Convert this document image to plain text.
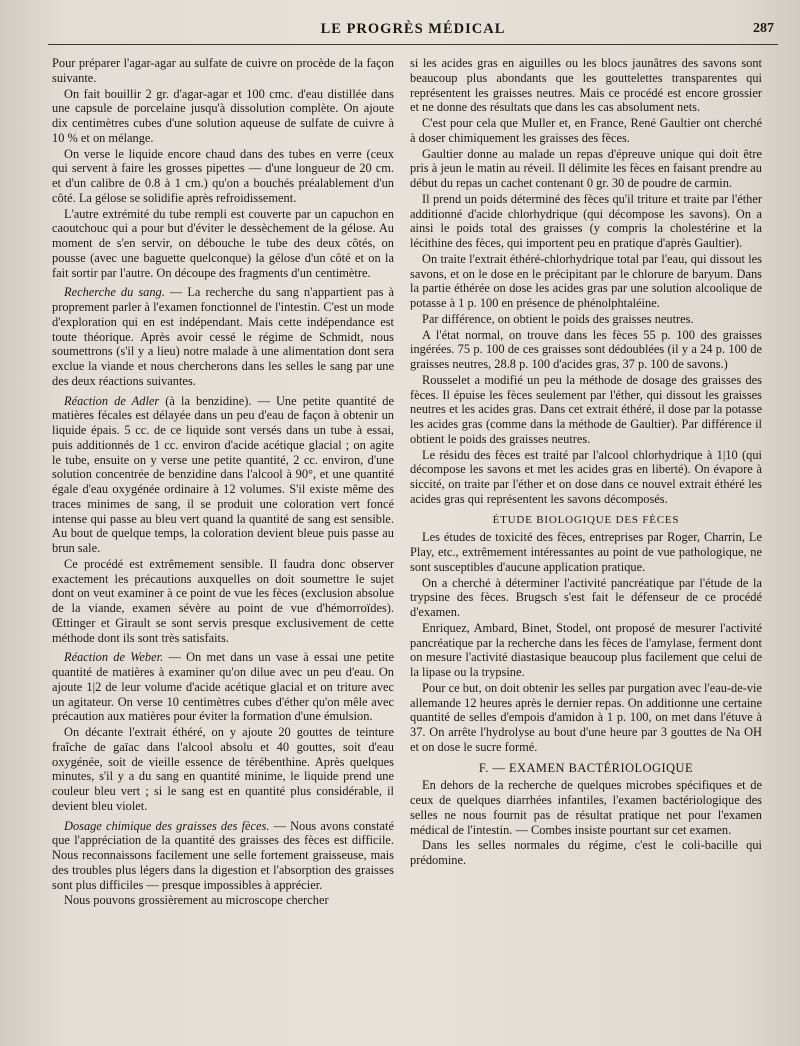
LE PROGRÈS MÉDICAL	287

Pour préparer l'agar-agar au sulfate de cuivre on procède de la façon suivante.

On fait bouillir 2 gr. d'agar-agar et 100 cmc. d'eau distillée dans une capsule de porcelaine jusqu'à dissolution complète. On ajoute dix centimètres cubes d'une solution aqueuse de sulfate de cuivre à 10 % et on mélange.

On verse le liquide encore chaud dans des tubes en verre (ceux qui servent à faire les grosses pipettes — d'une longueur de 20 cm. et d'un calibre de 0.8 à 1 cm.) qu'on a bouchés préalablement d'un côté. La gélose se solidifie après refroidissement.

L'autre extrémité du tube rempli est couverte par un capuchon en caoutchouc qui a pour but d'éviter le dessèchement de la gélose. Au moment de s'en servir, on débouche le tube des deux côtés, on pousse (avec une baguette quelconque) la gélose d'un côté et on la fait sortir par l'autre. On découpe des fragments d'un centimètre.

Recherche du sang. — La recherche du sang n'appartient pas à proprement parler à l'examen fonctionnel de l'intestin. C'est un mode d'exploration qui en est indépendant. Mais cette indépendance est toute théorique. Après avoir cessé le régime de Schmidt, nous soumettrons (s'il y a lieu) notre malade à une alimentation dont sera exclue la viande et nous chercherons dans les selles le sang par une des deux réactions suivantes.

Réaction de Adler (à la benzidine). — Une petite quantité de matières fécales est délayée dans un peu d'eau de façon à obtenir un liquide épais. 5 cc. de ce liquide sont versés dans un tube à essai, puis additionnés de 1 cc. environ d'acide acétique glacial ; on agite le tube, ensuite on y verse une petite quantité, 2 cc. environ, d'une solution concentrée de benzidine dans l'alcool à 90°, et une quantité égale d'eau oxygénée ordinaire à 12 volumes. S'il existe même des traces minimes de sang, il se produit une coloration vert foncé intense qui passe au bleu vert quand la quantité de sang est sensible. Au bout de quelque temps, la coloration devient bleue puis passe au brun sale.

Ce procédé est extrêmement sensible. Il faudra donc observer exactement les précautions auxquelles on doit soumettre le sujet dont on veut examiner à ce point de vue les fèces (exclusion absolue de la viande, examen sévère au point de vue d'hémorroïdes). Œttinger et Girault se sont servis presque exclusivement de cette méthode dont ils sont très satisfaits.

Réaction de Weber. — On met dans un vase à essai une petite quantité de matières à examiner qu'on dilue avec un peu d'eau. On ajoute 1|2 de leur volume d'acide acétique glacial et on triture avec un agitateur. On verse 10 centimètres cubes d'éther qu'on mêle avec précaution aux matières pour éviter la formation d'une émulsion.

On décante l'extrait éthéré, on y ajoute 20 gouttes de teinture fraîche de gaïac dans l'alcool absolu et 40 gouttes, soit d'eau oxygénée, soit de vieille essence de térébenthine. Après quelques minutes, s'il y a du sang en quantité minime, le liquide prend une couleur bleu vert ; si le sang est en quantité plus considérable, il devient bleu violet.

Dosage chimique des graisses des fèces. — Nous avons constaté que l'appréciation de la quantité des graisses des fèces est difficile. Nous reconnaissons facilement une selle fortement graisseuse, mais des troubles plus légers dans la digestion et l'absorption des graisses sont plus difficiles — presque impossibles à apprécier.

Nous pouvons grossièrement au microscope chercher

si les acides gras en aiguilles ou les blocs jaunâtres des savons sont beaucoup plus abondants que les gouttelettes transparentes qui représentent les graisses neutres. Mais ce procédé est encore grossier et ne donne des résultats que dans les cas absolument nets.

C'est pour cela que Muller et, en France, René Gaultier ont cherché à doser chimiquement les graisses des fèces.

Gaultier donne au malade un repas d'épreuve unique qui doit être pris à jeun le matin au réveil. Il délimite les fèces en faisant prendre au début du repas un cachet contenant 0 gr. 30 de poudre de carmin.

Il prend un poids déterminé des fèces qu'il triture et traite par l'éther additionné d'acide chlorhydrique (qui décompose les savons). On a ainsi le poids total des graisses (y compris la cholestérine et la lécithine des fèces, qui importent peu en pratique d'après Gaultier).

On traite l'extrait éthéré-chlorhydrique total par l'eau, qui dissout les savons, et on le dose en le précipitant par le chlorure de baryum. Dans la partie éthérée on dose les acides gras par une solution alcoolique de potasse à 1 p. 100 en présence de phénolphtaléine.

Par différence, on obtient le poids des graisses neutres.

A l'état normal, on trouve dans les fèces 55 p. 100 des graisses ingérées. 75 p. 100 de ces graisses sont dédoublées (il y a 24 p. 100 de graisses neutres, 28.8 p. 100 d'acides gras, 37 p. 100 de savons.)

Rousselet a modifié un peu la méthode de dosage des graisses des fèces. Il épuise les fèces seulement par l'éther, qui dissout les graisses neutres et les acides gras. Dans cet extrait éthéré, il dose par la potasse les acides gras (comme dans la méthode de Gaultier). Par différence il obtient le poids des graisses neutres.

Le résidu des fèces est traité par l'alcool chlorhydrique à 1|10 (qui décompose les savons et met les acides gras en liberté). On évapore à siccité, on traite par l'éther et on dose dans ce nouvel extrait éthéré les acides gras qui représentent les savons décomposés.

ÉTUDE BIOLOGIQUE DES FÈCES

Les études de toxicité des fèces, entreprises par Roger, Charrin, Le Play, etc., extrêmement intéressantes au point de vue pathologique, ne sont susceptibles d'aucune application pratique.

On a cherché à déterminer l'activité pancréatique par l'étude de la trypsine des fèces. Brugsch s'est fait le défenseur de ce procédé d'examen.

Enriquez, Ambard, Binet, Stodel, ont proposé de mesurer l'activité pancréatique par la recherche dans les fèces de l'amylase, ferment dont on mesure l'activité diastasique beaucoup plus facilement que celui de la lipase ou la trypsine.

Pour ce but, on doit obtenir les selles par purgation avec l'eau-de-vie allemande 12 heures après le dernier repas. On additionne une certaine quantité de selles d'empois d'amidon à 1 p. 100, on met dans l'étuve à 37. On arrête l'hydrolyse au bout d'une heure par 3 gouttes de Na OH et on dose le sucre formé.

F. — EXAMEN BACTÉRIOLOGIQUE

En dehors de la recherche de quelques microbes spécifiques et de ceux de quelques diarrhées infantiles, l'examen bactériologique des selles ne nous fournit pas de résultat pratique net pour l'examen médical de l'intestin. — Combes insiste pourtant sur cet examen.

Dans les selles normales du régime, c'est le coli-bacille qui prédomine.
